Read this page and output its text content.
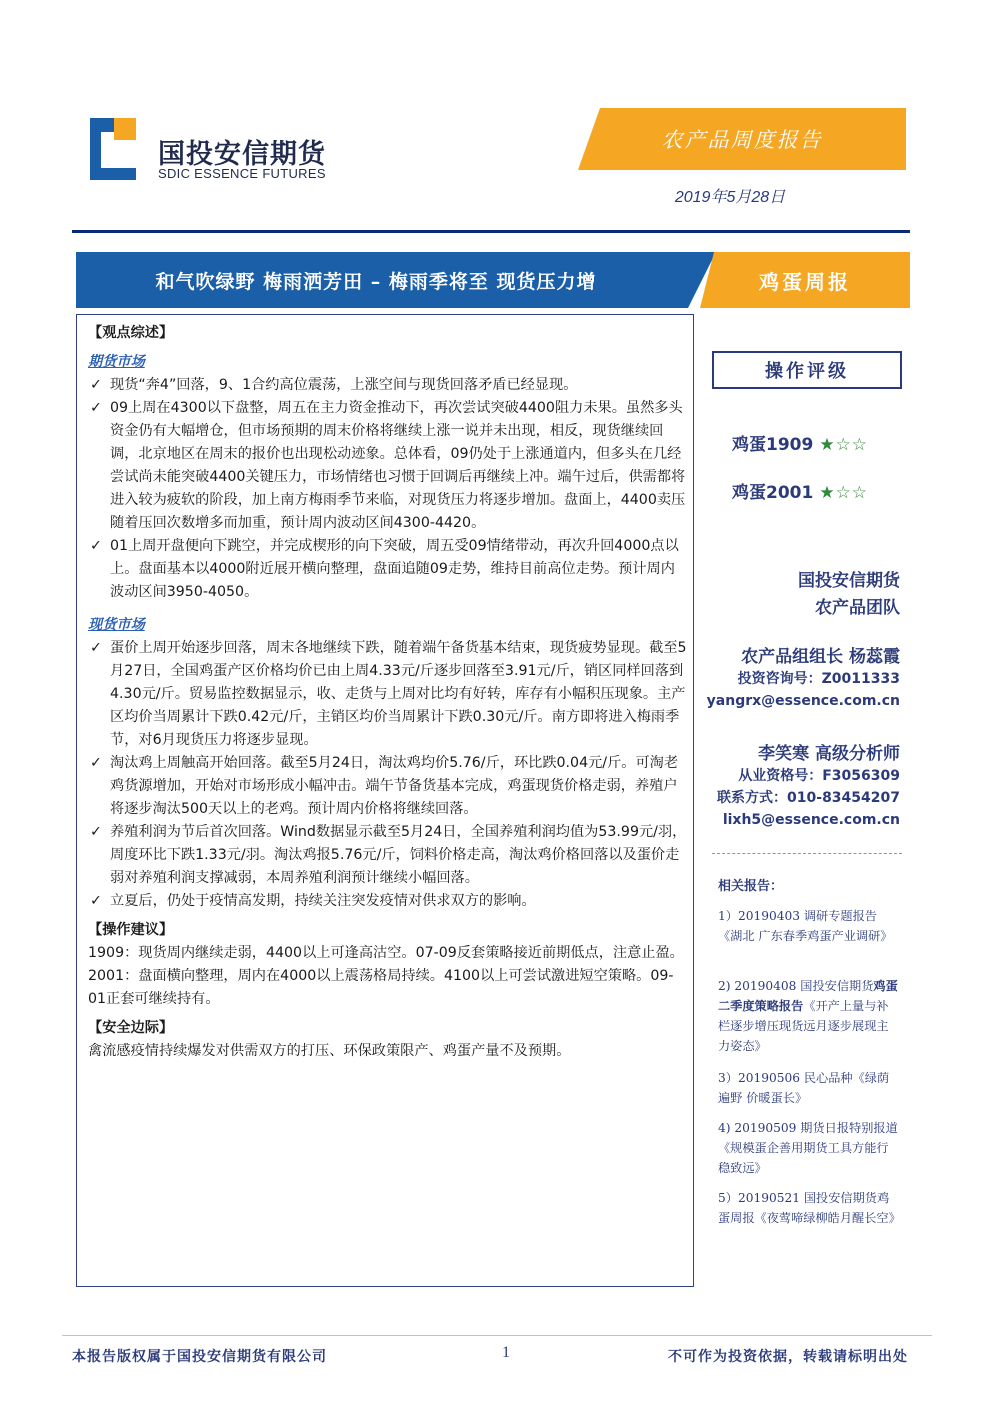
国投安信期货
SDIC ESSENCE FUTURES
农产品周度报告
2019年5月28日
和气吹绿野 梅雨洒芳田 – 梅雨季将至 现货压力增	鸡蛋周报

【观点综述】

期货市场

✓ 现货“奔4”回落，9、1合约高位震荡，上涨空间与现货回落矛盾已经显现。

✓ 09上周在4300以下盘整，周五在主力资金推动下，再次尝试突破4400阻力未果。虽然多头资金仍有大幅增仓，但市场预期的周末价格将继续上涨一说并未出现，相反，现货继续回调，北京地区在周末的报价也出现松动迹象。总体看，09仍处于上涨通道内，但多头在几经尝试尚未能突破4400关键压力，市场情绪也习惯于回调后再继续上冲。端午过后，供需都将进入较为疲软的阶段，加上南方梅雨季节来临，对现货压力将逐步增加。盘面上，4400卖压随着压回次数增多而加重，预计周内波动区间4300-4420。

✓ 01上周开盘便向下跳空，并完成楔形的向下突破，周五受09情绪带动，再次升回4000点以上。盘面基本以4000附近展开横向整理，盘面追随09走势，维持目前高位走势。预计周内波动区间3950-4050。

现货市场

✓ 蛋价上周开始逐步回落，周末各地继续下跌，随着端午备货基本结束，现货疲势显现。截至5月27日，全国鸡蛋产区价格均价已由上周4.33元/斤逐步回落至3.91元/斤，销区同样回落到4.30元/斤。贸易监控数据显示，收、走货与上周对比均有好转，库存有小幅积压现象。主产区均价当周累计下跌0.42元/斤，主销区均价当周累计下跌0.30元/斤。南方即将进入梅雨季节，对6月现货压力将逐步显现。

✓ 淘汰鸡上周触高开始回落。截至5月24日，淘汰鸡均价5.76/斤，环比跌0.04元/斤。可淘老鸡货源增加，开始对市场形成小幅冲击。端午节备货基本完成，鸡蛋现货价格走弱，养殖户将逐步淘汰500天以上的老鸡。预计周内价格将继续回落。

✓ 养殖利润为节后首次回落。Wind数据显示截至5月24日，全国养殖利润均值为53.99元/羽，周度环比下跌1.33元/羽。淘汰鸡报5.76元/斤，饲料价格走高，淘汰鸡价格回落以及蛋价走弱对养殖利润支撑减弱，本周养殖利润预计继续小幅回落。

✓ 立夏后，仍处于疫情高发期，持续关注突发疫情对供求双方的影响。

【操作建议】

1909：现货周内继续走弱，4400以上可逢高沽空。07-09反套策略接近前期低点，注意止盈。

2001：盘面横向整理，周内在4000以上震荡格局持续。4100以上可尝试激进短空策略。09-01正套可继续持有。

【安全边际】

禽流感疫情持续爆发对供需双方的打压、环保政策限产、鸡蛋产量不及预期。

操作评级
鸡蛋1909 ★☆☆
鸡蛋2001 ★☆☆
国投安信期货
农产品团队
农产品组组长 杨蕊霞
投资咨询号：Z0011333
yangrx@essence.com.cn
李笑寒 高级分析师
从业资格号：F3056309
联系方式：010-83454207
lixh5@essence.com.cn
相关报告：
1）20190403 调研专题报告《湖北 广东春季鸡蛋产业调研》
2) 20190408 国投安信期货鸡蛋二季度策略报告《开产上量与补栏逐步增压现货远月逐步展现主力姿态》
3）20190506 民心品种《绿荫遍野 价暖蛋长》
4) 20190509 期货日报特别报道《规模蛋企善用期货工具方能行稳致远》
5）20190521 国投安信期货鸡蛋周报《夜莺啼绿柳皓月醒长空》
本报告版权属于国投安信期货有限公司	1	不可作为投资依据，转载请标明出处
